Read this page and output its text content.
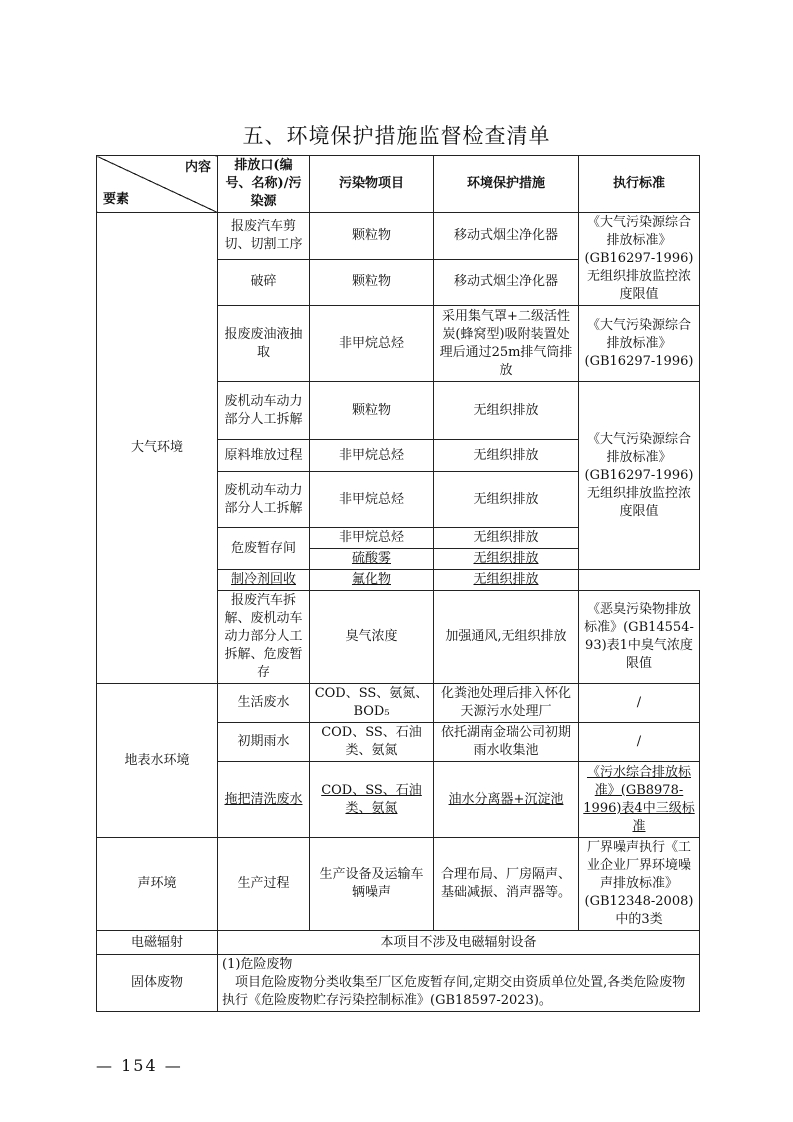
五、环境保护措施监督检查清单
内容
要素	排放口(编号、名称)/污染源	污染物项目	环境保护措施	执行标准
大气环境	报废汽车剪切、切割工序	颗粒物	移动式烟尘净化器	《大气污染源综合排放标准》(GB16297-1996)无组织排放监控浓度限值
	破碎	颗粒物	移动式烟尘净化器	
	报废废油液抽取	非甲烷总烃	采用集气罩+二级活性炭(蜂窝型)吸附装置处理后通过25m排气筒排放	《大气污染源综合排放标准》(GB16297-1996)
	废机动车动力部分人工拆解	颗粒物	无组织排放	《大气污染源综合排放标准》(GB16297-1996)无组织排放监控浓度限值
	原料堆放过程	非甲烷总烃	无组织排放	
	废机动车动力部分人工拆解	非甲烷总烃	无组织排放	
	危废暂存间	非甲烷总烃	无组织排放	
		硫酸雾	无组织排放	
	制冷剂回收	氟化物	无组织排放	
	报废汽车拆解、废机动车动力部分人工拆解、危废暂存	臭气浓度	加强通风,无组织排放	《恶臭污染物排放标准》(GB14554-93)表1中臭气浓度限值
地表水环境	生活废水	COD、SS、氨氮、BOD₅	化粪池处理后排入怀化天源污水处理厂	/
	初期雨水	COD、SS、石油类、氨氮	依托湖南金瑞公司初期雨水收集池	/
	拖把清洗废水	COD、SS、石油类、氨氮	油水分离器+沉淀池	《污水综合排放标准》(GB8978-1996)表4中三级标准
声环境	生产过程	生产设备及运输车辆噪声	合理布局、厂房隔声、基础减振、消声器等。	厂界噪声执行《工业企业厂界环境噪声排放标准》(GB12348-2008)中的3类
电磁辐射	本项目不涉及电磁辐射设备			
固体废物	(1)危险废物
项目危险废物分类收集至厂区危废暂存间,定期交由资质单位处置,各类危险废物执行《危险废物贮存污染控制标准》(GB18597-2023)。			
— 154 —
